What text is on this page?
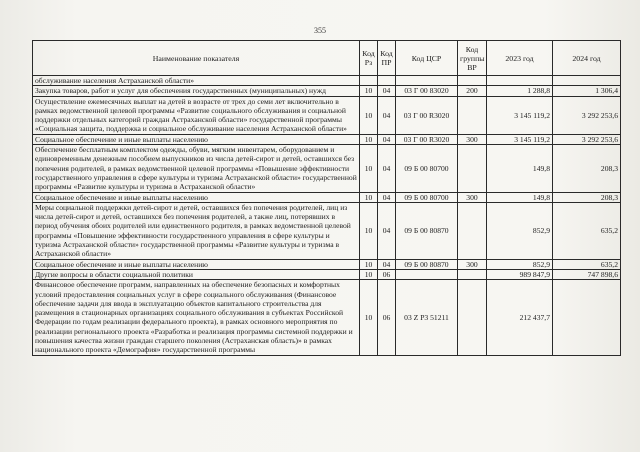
355
Наименование показателя	Код Рз	Код ПР	Код ЦСР	Код группы ВР	2023 год	2024 год
обслуживание населения Астраханской области»						
Закупка товаров, работ и услуг для обеспечения государственных (муниципальных) нужд	10	04	03 Г 00 83020	200	1 288,8	1 306,4
Осуществление ежемесячных выплат на детей в возрасте от трех до семи лет включительно в рамках ведомственной целевой программы «Развитие социального обслуживания и социальной поддержки отдельных категорий граждан Астраханской области» государственной программы «Социальная защита, поддержка и социальное обслуживание населения Астраханской области»	10	04	03 Г 00 R3020		3 145 119,2	3 292 253,6
Социальное обеспечение и иные выплаты населению	10	04	03 Г 00 R3020	300	3 145 119,2	3 292 253,6
Обеспечение бесплатным комплектом одежды, обуви, мягким инвентарем, оборудованием и единовременным денежным пособием выпускников из числа детей-сирот и детей, оставшихся без попечения родителей, в рамках ведомственной целевой программы «Повышение эффективности государственного управления в сфере культуры и туризма Астраханской области» государственной программы «Развитие культуры и туризма в Астраханской области»	10	04	09 Б 00 80700		149,8	208,3
Социальное обеспечение и иные выплаты населению	10	04	09 Б 00 80700	300	149,8	208,3
Меры социальной поддержки детей-сирот и детей, оставшихся без попечения родителей, лиц из числа детей-сирот и детей, оставшихся без попечения родителей, а также лиц, потерявших в период обучения обоих родителей или единственного родителя, в рамках ведомственной целевой программы «Повышение эффективности государственного управления в сфере культуры и туризма Астраханской области» государственной программы «Развитие культуры и туризма в Астраханской области»	10	04	09 Б 00 80870		852,9	635,2
Социальное обеспечение и иные выплаты населению	10	04	09 Б 00 80870	300	852,9	635,2
Другие вопросы в области социальной политики	10	06			989 847,9	747 898,6
Финансовое обеспечение программ, направленных на обеспечение безопасных и комфортных условий предоставления социальных услуг в сфере социального обслуживания (Финансовое обеспечение задачи для ввода в эксплуатацию объектов капитального строительства для размещения в стационарных организациях социального обслуживания в субъектах Российской Федерации по годам реализации федерального проекта), в рамках основного мероприятия по реализации регионального проекта «Разработка и реализация программы системной поддержки и повышения качества жизни граждан старшего поколения (Астраханская область)» в рамках национального проекта «Демография» государственной программы	10	06	03 Z P3 51211		212 437,7	
